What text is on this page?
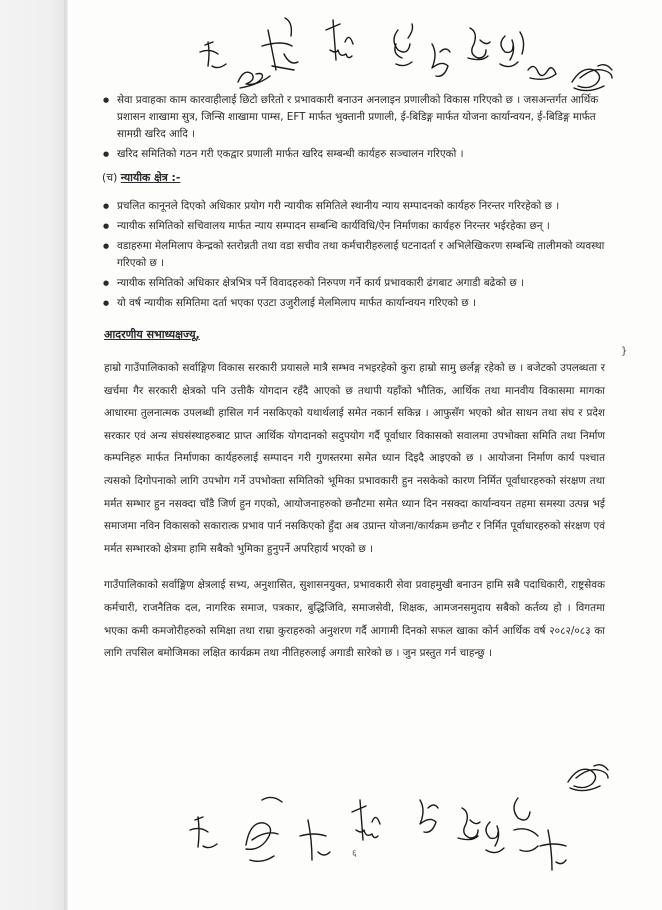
● सेवा प्रवाहका काम कारवाहीलाई छिटो छरितो र प्रभावकारी बनाउन अनलाइन प्रणालीको विकास गरिएको छ । जसअन्तर्गत आर्थिक प्रशासन शाखामा सुत्र, जिन्सि शाखामा पाम्स, EFT मार्फत भुक्तानी प्रणाली, ई-बिडिङ्ग मार्फत योजना कार्यान्वयन, ई-बिडिङ्ग मार्फत सामग्री खरिद आदि ।
● खरिद समितिको गठन गरी एकद्वार प्रणाली मार्फत खरिद सम्बन्धी कार्यहरु सञ्चालन गरिएको ।
(च) न्यायीक क्षेत्र :-
● प्रचलित कानूनले दिएको अधिकार प्रयोग गरी न्यायीक समितिले स्थानीय न्याय सम्पादनको कार्यहरु निरन्तर गरिरहेको छ ।
● न्यायीक समितिको सचिवालय मार्फत न्याय सम्पादन सम्बन्धि कार्यविधि/ऐन निर्माणका कार्यहरु निरन्तर भईरहेका छन् ।
● वडाहरुमा मेलमिलाप केन्द्रको स्तरोन्नती तथा वडा सचीव तथा कर्मचारीहरुलाई घटनादर्ता र अभिलेखिकरण सम्बन्धि तालीमको व्यवस्था गरिएको छ ।
● न्यायीक समितिको अधिकार क्षेत्रभित्र पर्ने विवादहरुको निरुपण गर्ने कार्य प्रभावकारी ढंगबाट अगाडी बढेको छ ।
● यो वर्ष न्यायीक समितिमा दर्ता भएका एउटा उजुरीलाई मेलमिलाप मार्फत कार्यान्वयन गरिएको छ ।
आदरणीय सभाध्यक्षज्यू,

हाम्रो गाउँपालिकाको सर्वाङ्गिण विकास सरकारी प्रयासले मात्रै सम्भव नभइरहेको कुरा हाम्रो सामु छर्लङ्ग रहेको छ । बजेटको उपलब्धता र खर्चमा गैर सरकारी क्षेत्रको पनि उत्तीकै योगदान रहँदै आएको छ तथापी यहाँको भौतिक, आर्थिक तथा मानवीय विकासमा मागका आधारमा तुलनात्मक उपलब्धी हासिल गर्न नसकिएको यथार्थलाई समेत नकार्न सकिन्न । आफुसँग भएको श्रोत साधन तथा संघ र प्रदेश सरकार एवं अन्य संघसंस्थाहरुबाट प्राप्त आर्थिक योगदानको सदुपयोग गर्दै पूर्वाधार विकासको सवालमा उपभोक्ता समिति तथा निर्माण कम्पनिहरु मार्फत निर्माणका कार्यहरुलाई सम्पादन गरी गुणस्तरमा समेत ध्यान दिइदै आइएको छ । आयोजना निर्माण कार्य पश्चात त्यसको दिगोपनाको लागि उपभोग गर्ने उपभोक्ता समितिको भूमिका प्रभावकारी हुन नसकेको कारण निर्मित पूर्वाधारहरुको संरक्षण तथा मर्मत सम्भार हुन नसक्दा चाँडै जिर्ण हुन गएको, आयोजनाहरुको छनौटमा समेत ध्यान दिन नसक्दा कार्यान्वयन तहमा समस्या उत्पन्न भई समाजमा नविन विकासको सकारात्क प्रभाव पार्न नसकिएको हुँदा अब उप्रान्त योजना/कार्यक्रम छनौट र निर्मित पूर्वाधारहरुको संरक्षण एवं मर्मत सम्भारको क्षेत्रमा हामि सबैको भुमिका हुनुपर्ने अपरिहार्य भएको छ ।

गाउँपालिकाको सर्वाङ्गिण क्षेत्रलाई सभ्य, अनुशासित, सुशासनयुक्त, प्रभावकारी सेवा प्रवाहमुखी बनाउन हामि सबै पदाधिकारी, राष्ट्रसेवक कर्मचारी, राजनैतिक दल, नागरिक समाज, पत्रकार, बुद्धिजिवि, समाजसेवी, शिक्षक, आमजनसमुदाय सबैको कर्तव्य हो । विगतमा भएका कमी कमजोरीहरुको समिक्षा तथा राम्रा कुराहरुको अनुशरण गर्दै आगामी दिनको सफल खाका कोर्न आर्थिक वर्ष २०८२/०८३ का लागि तपसिल बमोजिमका लक्षित कार्यक्रम तथा नीतिहरुलाई अगाडी सारेको छ । जुन प्रस्तुत गर्न चाहन्छु ।

}
६
